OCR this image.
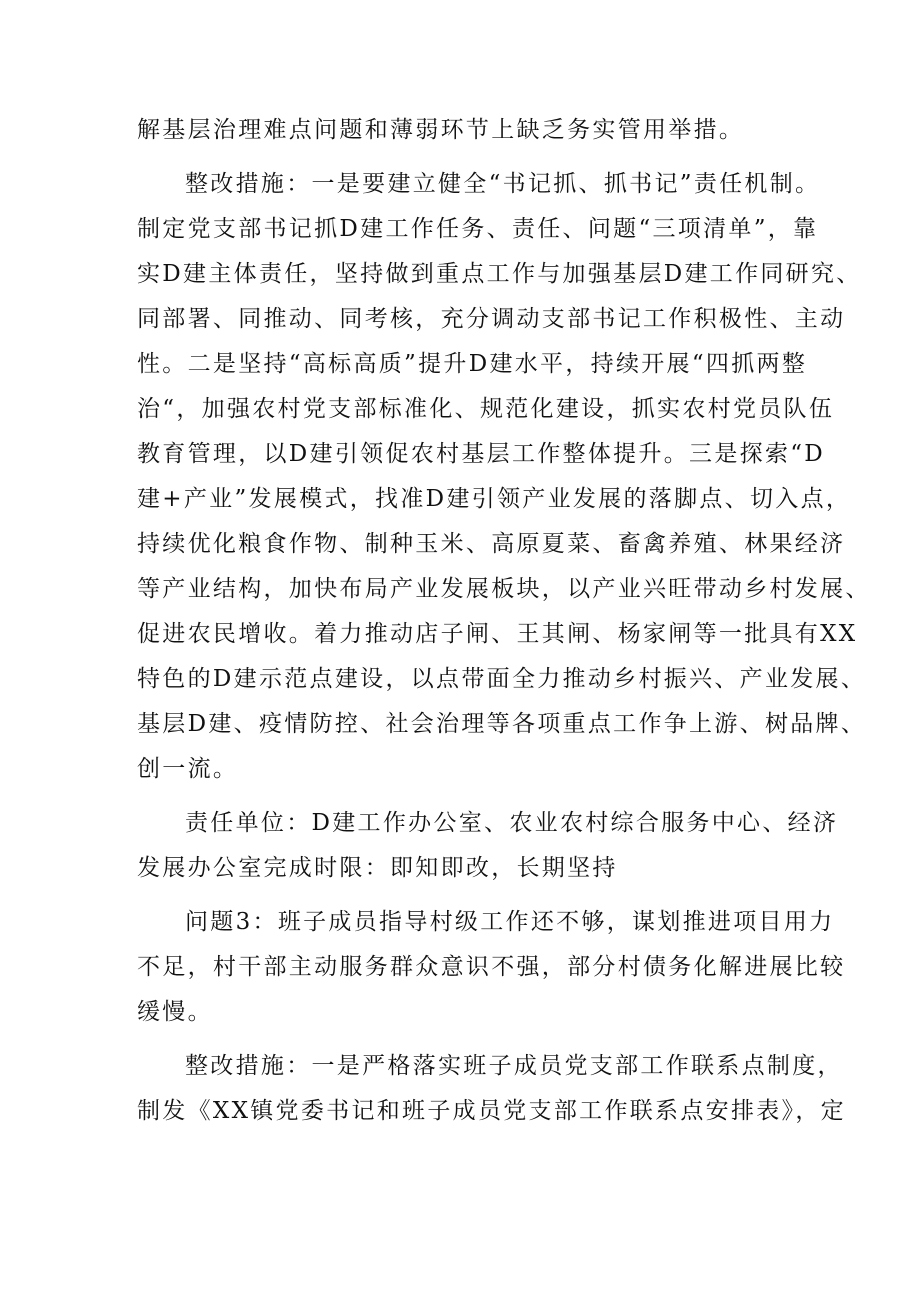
解基层治理难点问题和薄弱环节上缺乏务实管用举措。
整改措施：一是要建立健全“书记抓、抓书记”责任机制。
制定党支部书记抓D建工作任务、责任、问题“三项清单”，靠
实D建主体责任，坚持做到重点工作与加强基层D建工作同研究、
同部署、同推动、同考核，充分调动支部书记工作积极性、主动
性。二是坚持“高标高质”提升D建水平，持续开展“四抓两整
治“，加强农村党支部标准化、规范化建设，抓实农村党员队伍
教育管理，以D建引领促农村基层工作整体提升。三是探索“D
建+产业”发展模式，找准D建引领产业发展的落脚点、切入点，
持续优化粮食作物、制种玉米、高原夏菜、畜禽养殖、林果经济
等产业结构，加快布局产业发展板块，以产业兴旺带动乡村发展、
促进农民增收。着力推动店子闸、王其闸、杨家闸等一批具有XX
特色的D建示范点建设，以点带面全力推动乡村振兴、产业发展、
基层D建、疫情防控、社会治理等各项重点工作争上游、树品牌、
创一流。
责任单位：D建工作办公室、农业农村综合服务中心、经济
发展办公室完成时限：即知即改，长期坚持
问题3：班子成员指导村级工作还不够，谋划推进项目用力
不足，村干部主动服务群众意识不强，部分村债务化解进展比较
缓慢。
整改措施：一是严格落实班子成员党支部工作联系点制度，
制发《XX镇党委书记和班子成员党支部工作联系点安排表》，定
